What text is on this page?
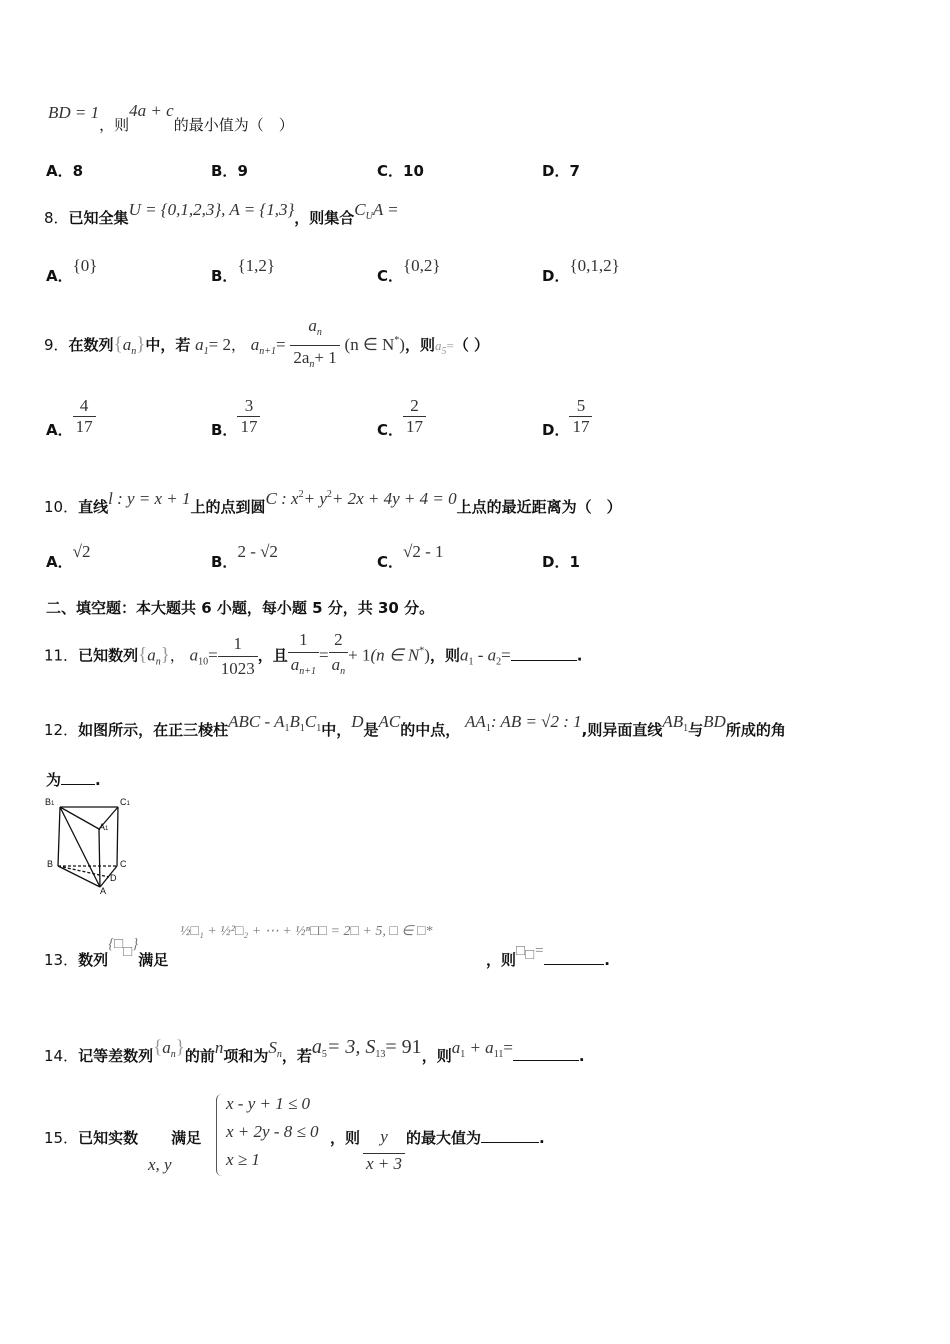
BD = 1，则4a + c的最小值为（　）
A．8	B．9	C．10	D．7
8．已知全集U = {0,1,2,3}, A = {1,3}，则集合$C_UA$ =
A．{0}
B．{1,2}
C．{0,2}
D．{0,1,2}
9．在数列$\{a_n\}$中，若 $a_1= 2$， $a_{n+1}= \frac{a_n}{2a_n+ 1} (n$ ∈ N*)，则$a_5=$（ ）
A． $\frac{4}{17}$	B． $\frac{3}{17}$	C． $\frac{2}{17}$	D． $\frac{5}{17}$
10．直线l : y = x + 1上的点到圆C : $x^2+ y^2+ 2x + 4y + 4 = 0$上点的最近距离为（　）
A．√2
B．2 - √2
C．√2 - 1
D．1
二、填空题：本大题共 6 小题，每小题 5 分，共 30 分。
11．已知数列$\{a_n\}$， $a_{10}= \frac{1}{1023}$ ，且 $\frac{1}{a_{n+1}} = \frac{2}{a_n} + 1(n$ ∈ N*)，则$a_1 - a_2=$	.
12．如图所示，在正三棱柱ABC - $A_1B_1C_1$中，D是AC的中点， $AA_1$: AB = √2 : 1,则异面直线$AB_1$与BD所成的角
为 .
B1	C1
A1
B	C
D
A
13．数列{□□}满足
½□₁ + ½²□₂ + ⋯ + ½ⁿ□□ = 2□ + 5, □ ∈ □*
，则□□=	.
14．记等差数列$\{a_n\}$的前n项和为$S_n$，若$a_5= 3$, $S_{13}= 91$，则$a_1 + a_{11}=$	.
15．已知实数 满足
x, y
x - y + 1 ≤ 0
x + 2y - 8 ≤ 0
x ≥ 1
，则 $\frac{y}{x + 3}$ 的最大值为	.
